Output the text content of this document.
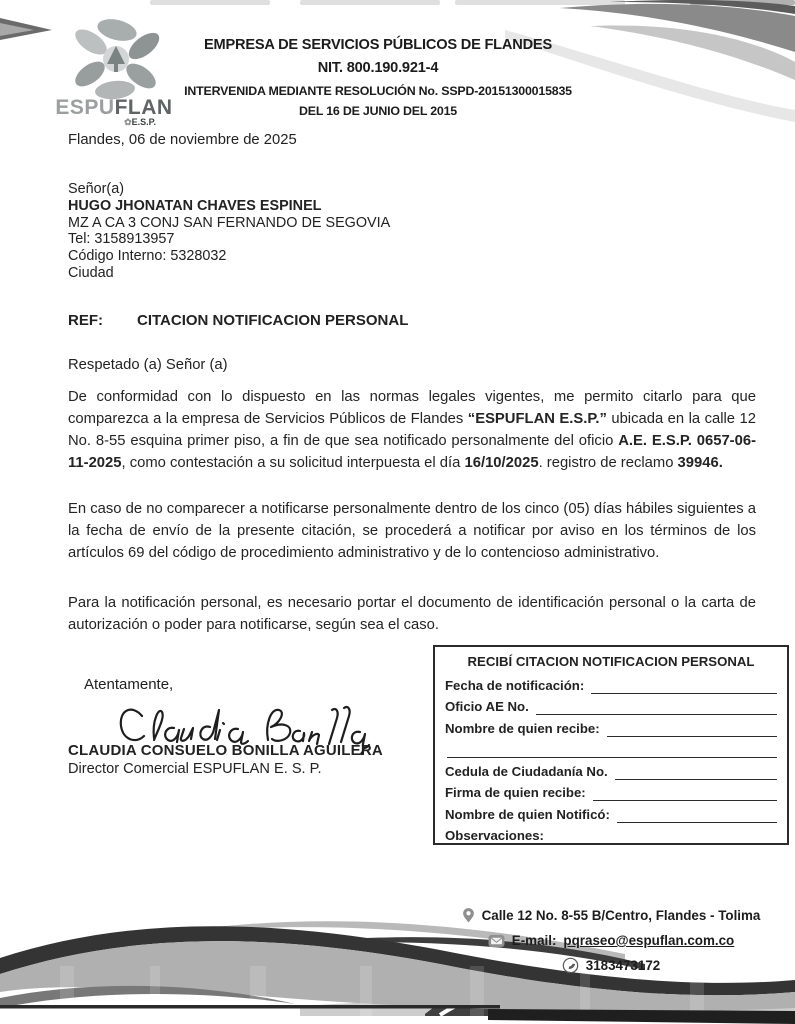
ESPUFLAN
✿E.S.P.
EMPRESA DE SERVICIOS PÚBLICOS DE FLANDES
NIT. 800.190.921-4
INTERVENIDA MEDIANTE RESOLUCIÓN No. SSPD-20151300015835
DEL 16 DE JUNIO DEL 2015
Flandes, 06 de noviembre de 2025
Señor(a)
HUGO JHONATAN CHAVES ESPINEL
MZ A CA 3 CONJ SAN FERNANDO DE SEGOVIA
Tel: 3158913957
Código Interno: 5328032
Ciudad
REF:	CITACION NOTIFICACION PERSONAL
Respetado (a) Señor (a)
De conformidad con lo dispuesto en las normas legales vigentes, me permito citarlo para que comparezca a la empresa de Servicios Públicos de Flandes “ESPUFLAN E.S.P.” ubicada en la calle 12 No. 8-55 esquina primer piso, a fin de que sea notificado personalmente del oficio A.E. E.S.P. 0657-06-11-2025, como contestación a su solicitud interpuesta el día 16/10/2025. registro de reclamo 39946.
En caso de no comparecer a notificarse personalmente dentro de los cinco (05) días hábiles siguientes a la fecha de envío de la presente citación, se procederá a notificar por aviso en los términos de los artículos 69 del código de procedimiento administrativo y de lo contencioso administrativo.
Para la notificación personal, es necesario portar el documento de identificación personal o la carta de autorización o poder para notificarse, según sea el caso.
Atentamente,
CLAUDIA CONSUELO BONILLA AGUILERA
Director Comercial ESPUFLAN E. S. P.
RECIBÍ CITACION NOTIFICACION PERSONAL
Fecha de notificación:
Oficio AE No.
Nombre de quien recibe:
Cedula de Ciudadanía No.
Firma de quien recibe:
Nombre de quien Notificó:
Observaciones:
Calle 12 No. 8-55 B/Centro, Flandes - Tolima
E-mail: pqraseo@espuflan.com.co
3183473172
